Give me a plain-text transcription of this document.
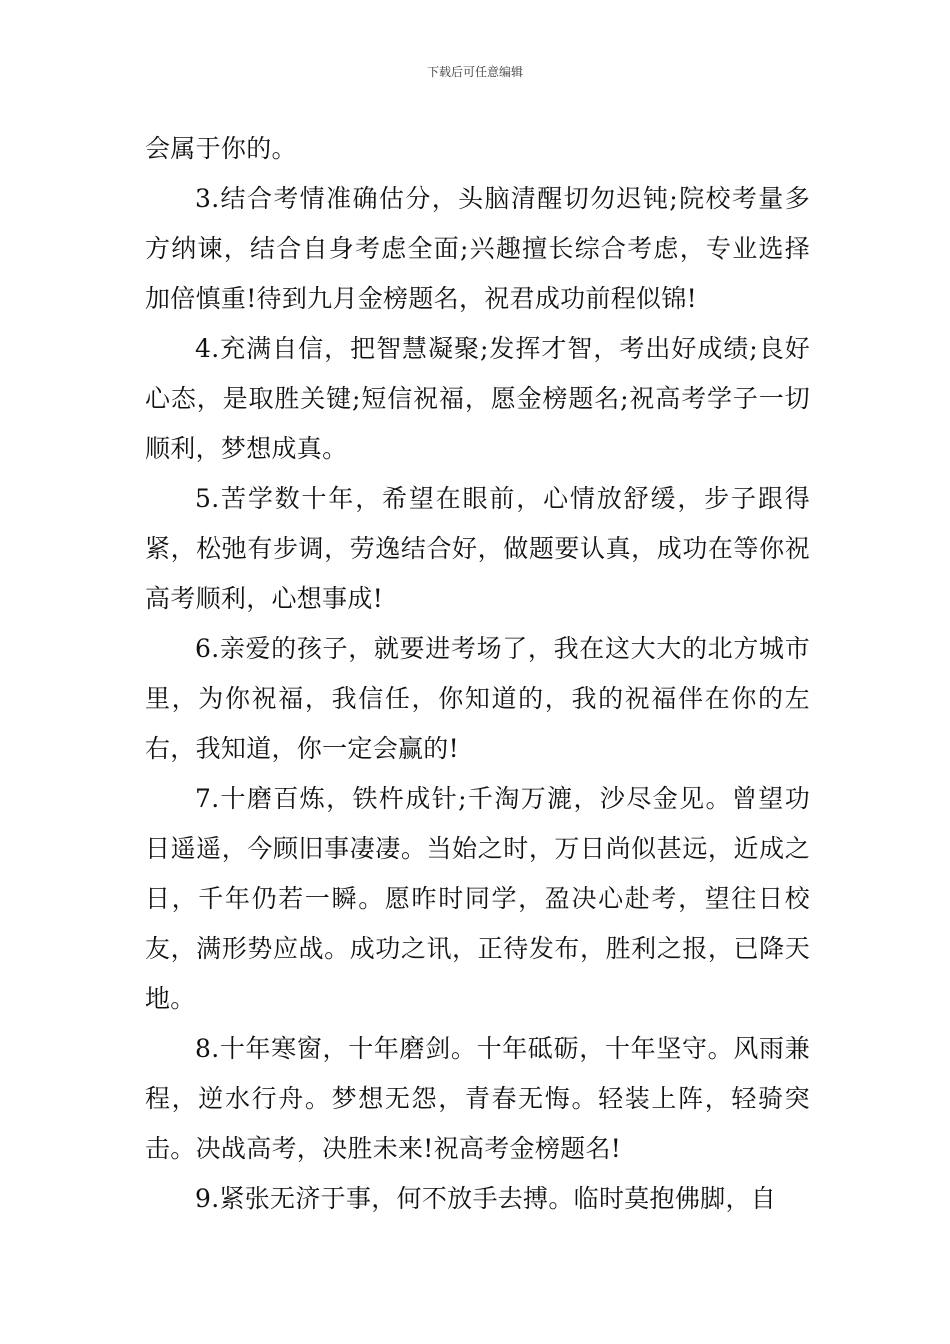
下载后可任意编辑

会属于你的。

3.结合考情准确估分，头脑清醒切勿迟钝;院校考量多方纳谏，结合自身考虑全面;兴趣擅长综合考虑，专业选择加倍慎重!待到九月金榜题名，祝君成功前程似锦!

4.充满自信，把智慧凝聚;发挥才智，考出好成绩;良好心态，是取胜关键;短信祝福，愿金榜题名;祝高考学子一切顺利，梦想成真。

5.苦学数十年，希望在眼前，心情放舒缓，步子跟得紧，松弛有步调，劳逸结合好，做题要认真，成功在等你祝高考顺利，心想事成!

6.亲爱的孩子，就要进考场了，我在这大大的北方城市里，为你祝福，我信任，你知道的，我的祝福伴在你的左右，我知道，你一定会赢的!

7.十磨百炼，铁杵成针;千淘万漉，沙尽金见。曾望功日遥遥，今顾旧事凄凄。当始之时，万日尚似甚远，近成之日，千年仍若一瞬。愿昨时同学，盈决心赴考，望往日校友，满形势应战。成功之讯，正待发布，胜利之报，已降天地。

8.十年寒窗，十年磨剑。十年砥砺，十年坚守。风雨兼程，逆水行舟。梦想无怨，青春无悔。轻装上阵，轻骑突击。决战高考，决胜未来!祝高考金榜题名!

9.紧张无济于事，何不放手去搏。临时莫抱佛脚，自
